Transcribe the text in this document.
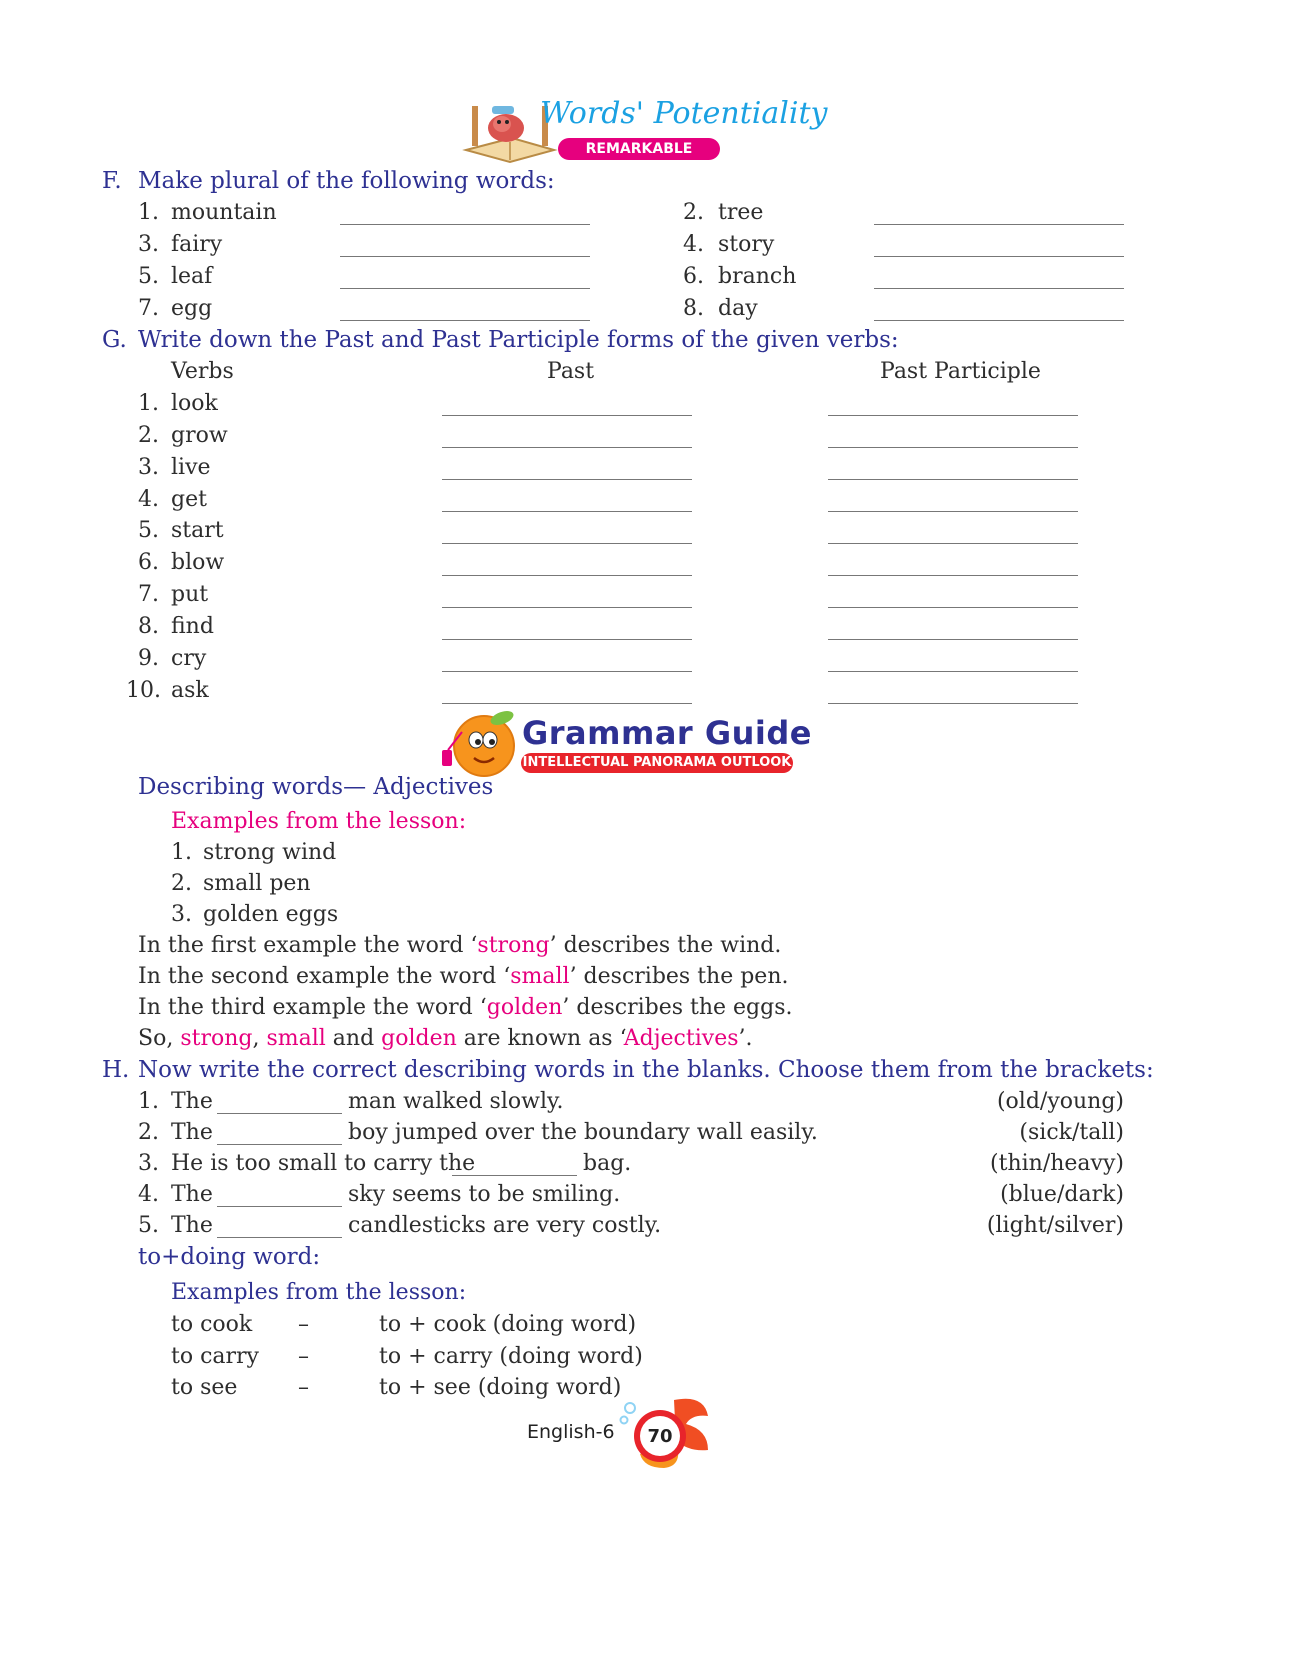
Words' Potentiality
REMARKABLE STUDY
F. Make plural of the following words:
1. mountain	2. tree
3. fairy	4. story
5. leaf	6. branch
7. egg	8. day
G. Write down the Past and Past Participle forms of the given verbs:
Verbs	Past	Past Participle
1. look
2. grow
3. live
4. get
5. start
6. blow
7. put
8. find
9. cry
10. ask
Grammar Guide
INTELLECTUAL PANORAMA OUTLOOK
Describing words— Adjectives
Examples from the lesson:
1. strong wind
2. small pen
3. golden eggs
In the first example the word ‘strong’ describes the wind.
In the second example the word ‘small’ describes the pen.
In the third example the word ‘golden’ describes the eggs.
So, strong, small and golden are known as ‘Adjectives’.
H. Now write the correct describing words in the blanks. Choose them from the brackets:
1. The	man walked slowly.	(old/young)
2. The	boy jumped over the boundary wall easily.	(sick/tall)
3. He is too small to carry the	bag.	(thin/heavy)
4. The	sky seems to be smiling.	(blue/dark)
5. The	candlesticks are very costly.	(light/silver)
to+doing word:
Examples from the lesson:
to cook –	to + cook (doing word)
to carry –	to + carry (doing word)
to see	–	to + see (doing word)
English-6	70
